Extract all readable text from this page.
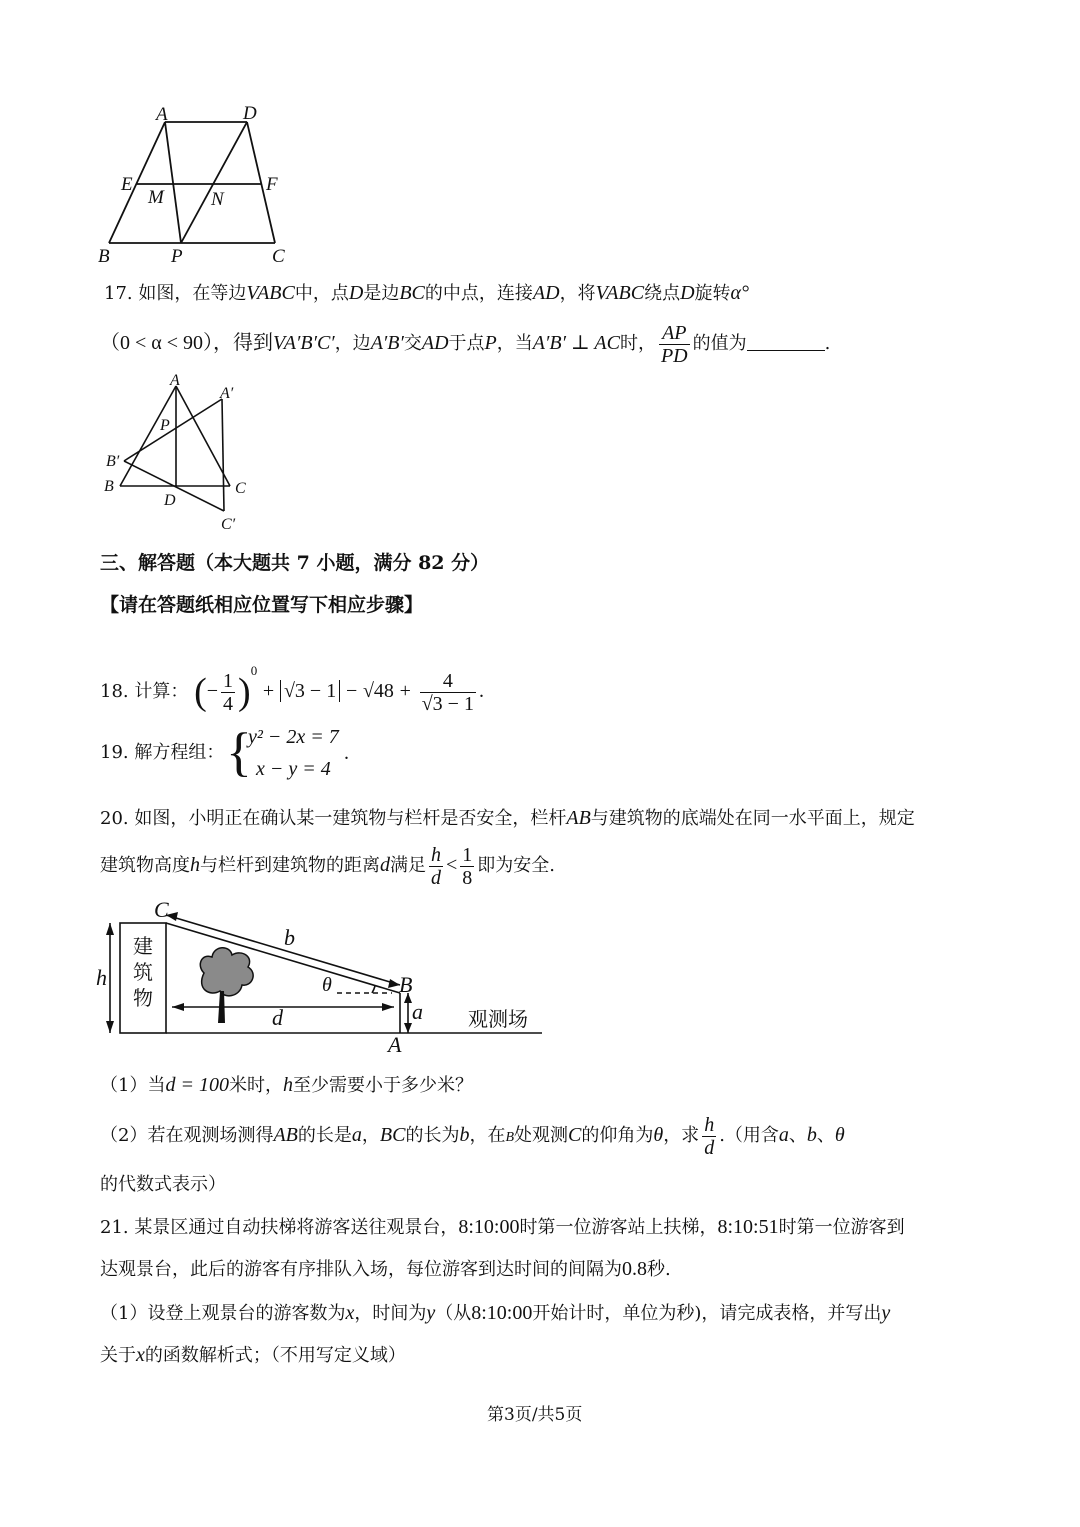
A	D
E	F
M N
B	P	C
17. 如图，在等边VABC中，点D是边BC的中点，连接AD，将VABC绕点D旋转α°
（0 < α < 90），得到VA′B′C′，边A′B′交AD于点P，当A′B′ ⊥ AC时， $\frac{AP}{PD}$ 的值为	.
A
A′
P
B′
B
D
C
C′
三、解答题（本大题共 7 小题，满分 82 分）
【请在答题纸相应位置写下相应步骤】
18. 计算： (− $\frac{1}{4} )^0 + √3 - 1 - √48 + \frac{4}{√3 - 1}$ .
19. 解方程组： {
y² − 2x = 7
x − y = 4
.
20. 如图，小明正在确认某一建筑物与栏杆是否安全，栏杆AB与建筑物的底端处在同一水平面上，规定
建筑物高度h与栏杆到建筑物的距离d满足 $\frac{h}{d} < \frac{1}{8}$ 即为安全.
C
b
h	θ	B
a
d
A
建
筑
物
观测场
（1）当d = 100米时，h至少需要小于多少米？
（2）若在观测场测得AB的长是a，BC的长为b，在B处观测C的仰角为θ，求 $\frac{h}{d}$ .（用含a、b、θ
的代数式表示）
21. 某景区通过自动扶梯将游客送往观景台，8:10:00时第一位游客站上扶梯，8:10:51时第一位游客到
达观景台，此后的游客有序排队入场，每位游客到达时间的间隔为0.8秒.
（1）设登上观景台的游客数为x，时间为y（从8:10:00开始计时，单位为秒)，请完成表格，并写出y
关于x的函数解析式；（不用写定义域）
第3页/共5页
